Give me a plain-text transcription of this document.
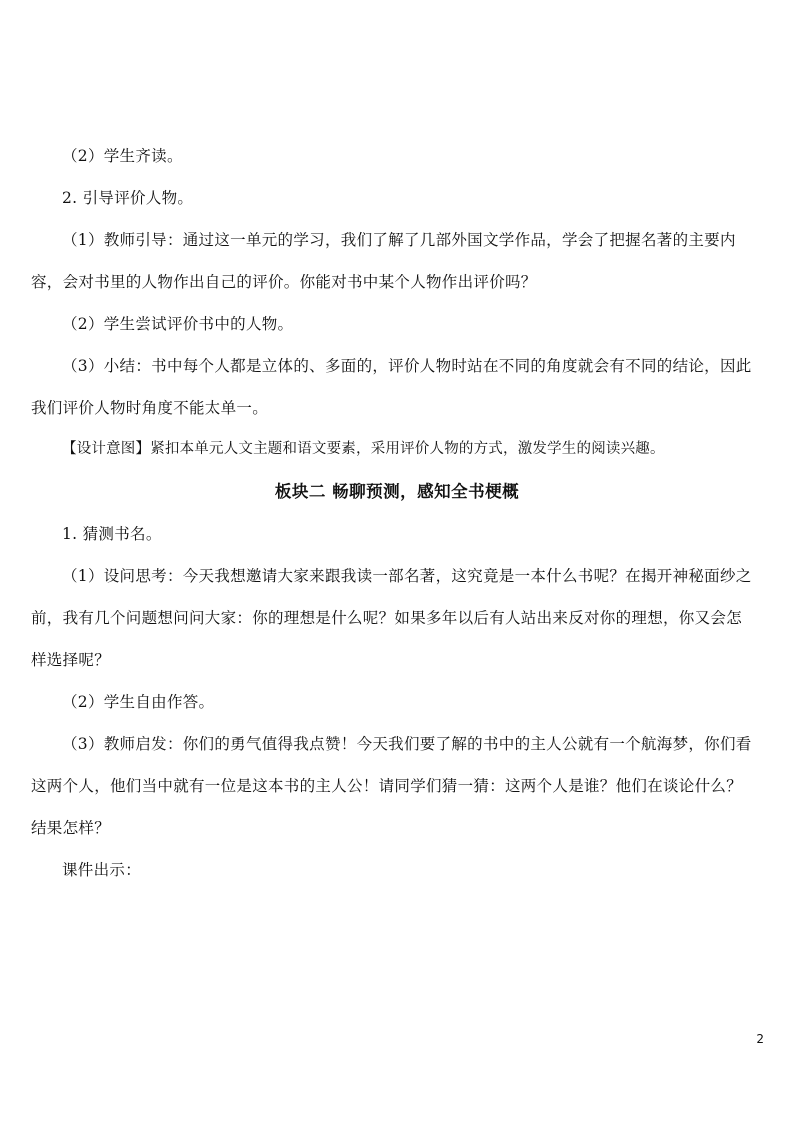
（2）学生齐读。
2. 引导评价人物。
（1）教师引导：通过这一单元的学习，我们了解了几部外国文学作品，学会了把握名著的主要内
容，会对书里的人物作出自己的评价。你能对书中某个人物作出评价吗？
（2）学生尝试评价书中的人物。
（3）小结：书中每个人都是立体的、多面的，评价人物时站在不同的角度就会有不同的结论，因此
我们评价人物时角度不能太单一。
【设计意图】紧扣本单元人文主题和语文要素，采用评价人物的方式，激发学生的阅读兴趣。
板块二 畅聊预测，感知全书梗概
1. 猜测书名。
（1）设问思考：今天我想邀请大家来跟我读一部名著，这究竟是一本什么书呢？在揭开神秘面纱之
前，我有几个问题想问问大家：你的理想是什么呢？如果多年以后有人站出来反对你的理想，你又会怎
样选择呢？
（2）学生自由作答。
（3）教师启发：你们的勇气值得我点赞！今天我们要了解的书中的主人公就有一个航海梦，你们看
这两个人，他们当中就有一位是这本书的主人公！请同学们猜一猜：这两个人是谁？他们在谈论什么？
结果怎样？
课件出示：
2
